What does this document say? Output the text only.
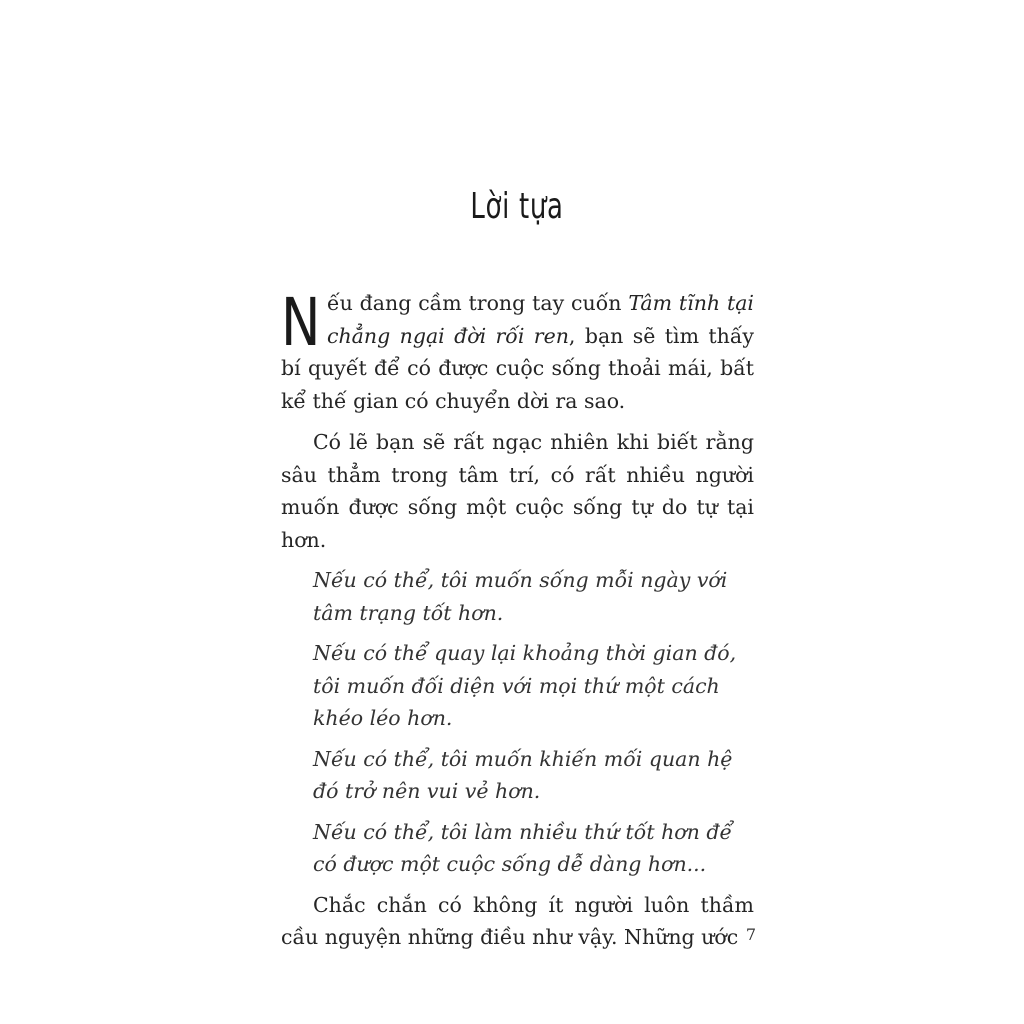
Lời tựa

Nếu đang cầm trong tay cuốn Tâm tĩnh tại chẳng ngại đời rối ren, bạn sẽ tìm thấy bí quyết để có được cuộc sống thoải mái, bất kể thế gian có chuyển dời ra sao.

Có lẽ bạn sẽ rất ngạc nhiên khi biết rằng sâu thẳm trong tâm trí, có rất nhiều người muốn được sống một cuộc sống tự do tự tại hơn.

Nếu có thể, tôi muốn sống mỗi ngày với tâm trạng tốt hơn.

Nếu có thể quay lại khoảng thời gian đó, tôi muốn đối diện với mọi thứ một cách khéo léo hơn.

Nếu có thể, tôi muốn khiến mối quan hệ đó trở nên vui vẻ hơn.

Nếu có thể, tôi làm nhiều thứ tốt hơn để có được một cuộc sống dễ dàng hơn...

Chắc chắn có không ít người luôn thầm cầu nguyện những điều như vậy. Những ước 7
